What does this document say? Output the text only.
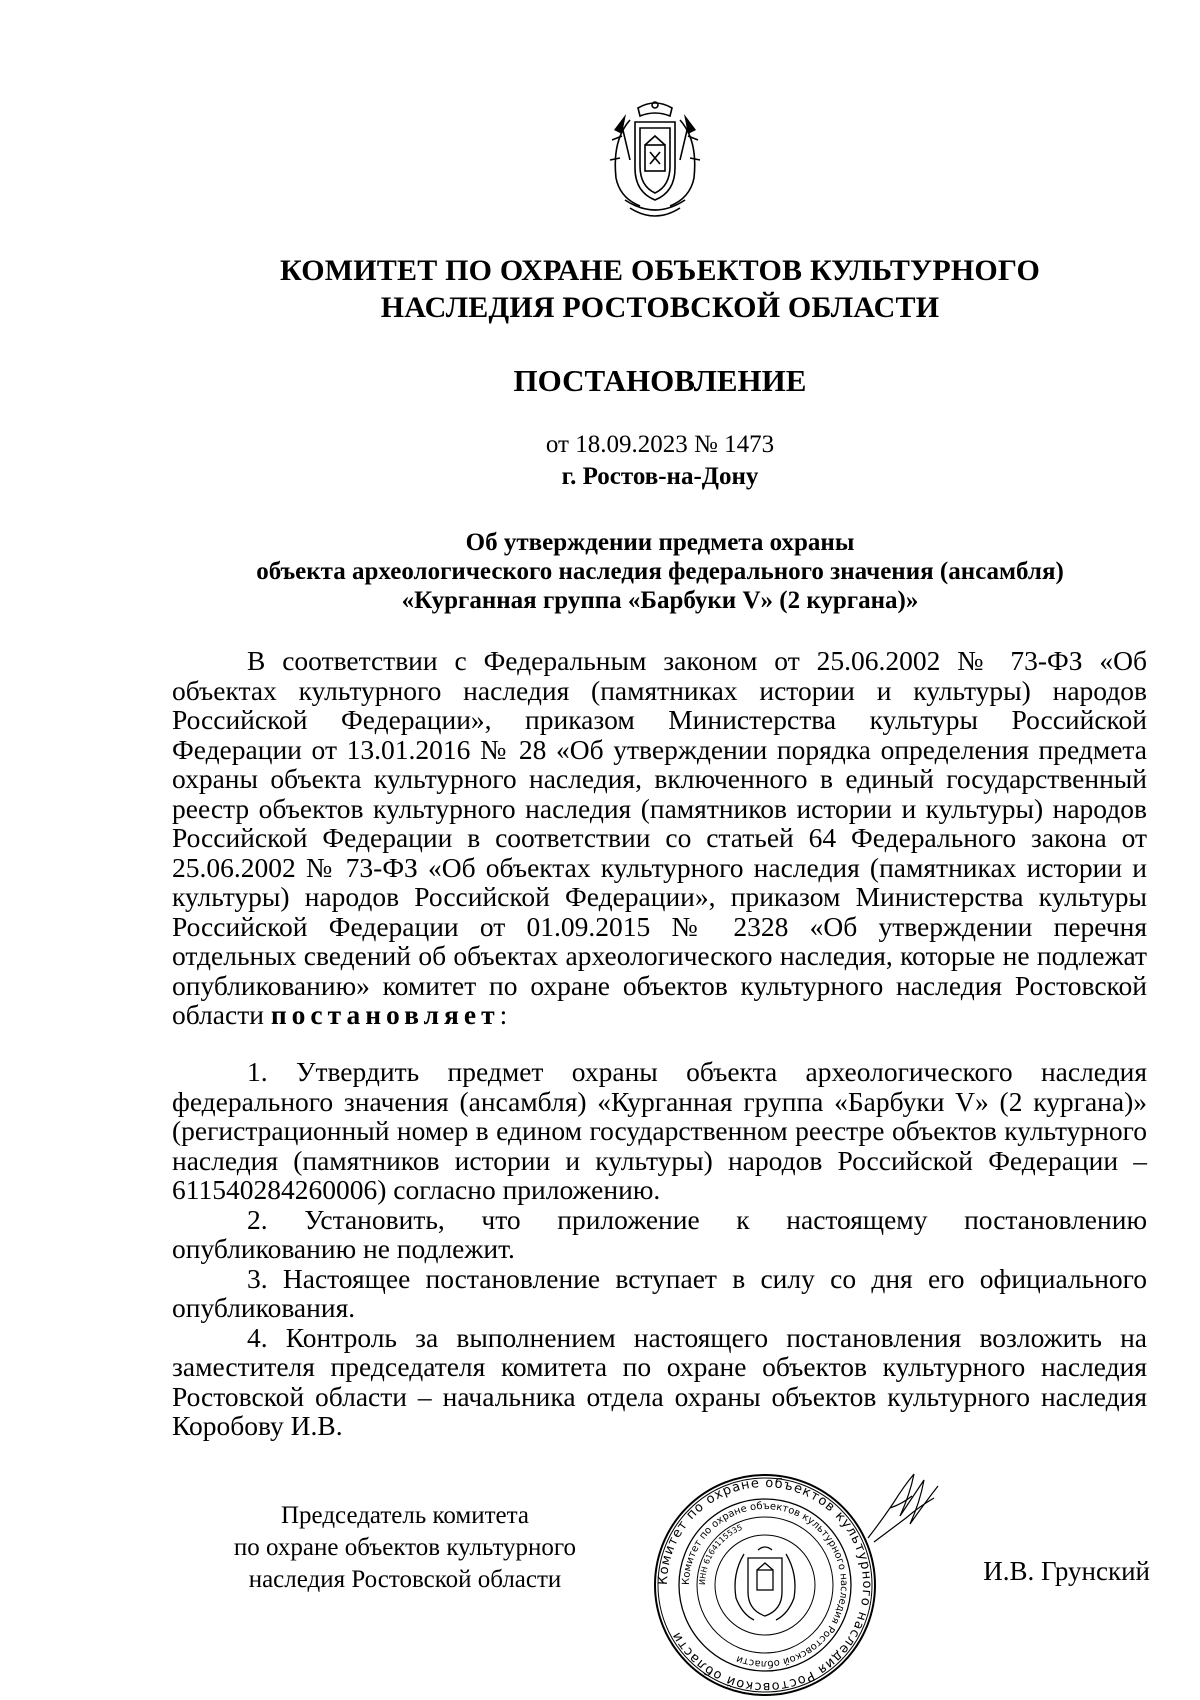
КОМИТЕТ ПО ОХРАНЕ ОБЪЕКТОВ КУЛЬТУРНОГО
НАСЛЕДИЯ РОСТОВСКОЙ ОБЛАСТИ
ПОСТАНОВЛЕНИЕ
от 18.09.2023 № 1473
г. Ростов-на-Дону
Об утверждении предмета охраны
объекта археологического наследия федерального значения (ансамбля)
«Курганная группа «Барбуки V» (2 кургана)»

В соответствии с Федеральным законом от 25.06.2002 № 73-ФЗ «Об объектах культурного наследия (памятниках истории и культуры) народов Российской Федерации», приказом Министерства культуры Российской Федерации от 13.01.2016 № 28 «Об утверждении порядка определения предмета охраны объекта культурного наследия, включенного в единый государственный реестр объектов культурного наследия (памятников истории и культуры) народов Российской Федерации в соответствии со статьей 64 Федерального закона от 25.06.2002 № 73-ФЗ «Об объектах культурного наследия (памятниках истории и культуры) народов Российской Федерации», приказом Министерства культуры Российской Федерации от 01.09.2015 № 2328 «Об утверждении перечня отдельных сведений об объектах археологического наследия, которые не подлежат опубликованию» комитет по охране объектов культурного наследия Ростовской области постановляет:

1. Утвердить предмет охраны объекта археологического наследия федерального значения (ансамбля) «Курганная группа «Барбуки V» (2 кургана)» (регистрационный номер в едином государственном реестре объектов культурного наследия (памятников истории и культуры) народов Российской Федерации – 611540284260006) согласно приложению.

2. Установить, что приложение к настоящему постановлению опубликованию не подлежит.

3. Настоящее постановление вступает в силу со дня его официального опубликования.

4. Контроль за выполнением настоящего постановления возложить на заместителя председателя комитета по охране объектов культурного наследия Ростовской области – начальника отдела охраны объектов культурного наследия Коробову И.В.

Председатель комитета
по охране объектов культурного
наследия Ростовской области	Комитет по охране объектов культурного наследия Ростовской области
Комитет по охране объектов культурного наследия Ростовской области
ИНН 6164115535
И.В. Грунский
